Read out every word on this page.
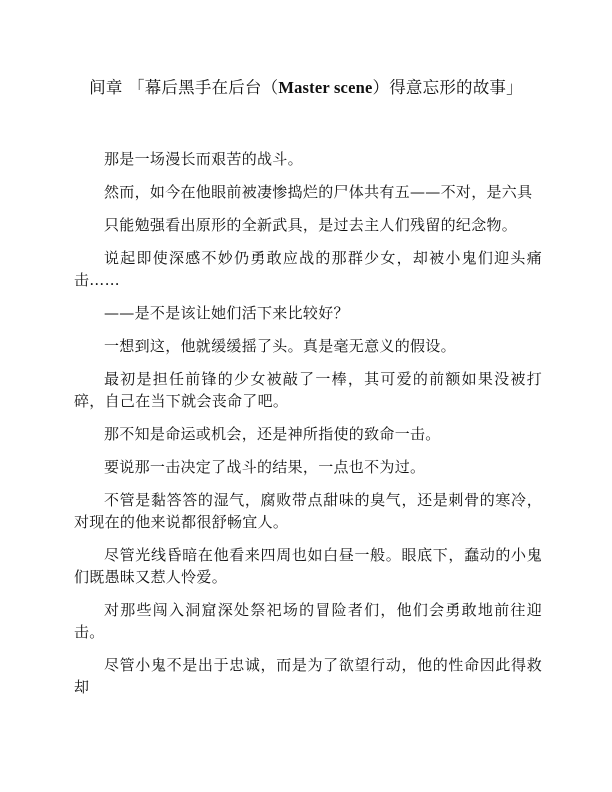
间章 「幕后黑手在后台（Master scene）得意忘形的故事」

那是一场漫长而艰苦的战斗。

然而，如今在他眼前被凄惨捣烂的尸体共有五——不对，是六具

只能勉强看出原形的全新武具，是过去主人们残留的纪念物。

说起即使深感不妙仍勇敢应战的那群少女，却被小鬼们迎头痛击……

——是不是该让她们活下来比较好？

一想到这，他就缓缓摇了头。真是毫无意义的假设。

最初是担任前锋的少女被敲了一棒，其可爱的前额如果没被打碎，自己在当下就会丧命了吧。

那不知是命运或机会，还是神所指使的致命一击。

要说那一击决定了战斗的结果，一点也不为过。

不管是黏答答的湿气，腐败带点甜味的臭气，还是刺骨的寒冷，对现在的他来说都很舒畅宜人。

尽管光线昏暗在他看来四周也如白昼一般。眼底下，蠢动的小鬼们既愚昧又惹人怜爱。

对那些闯入洞窟深处祭祀场的冒险者们，他们会勇敢地前往迎击。

尽管小鬼不是出于忠诚，而是为了欲望行动，他的性命因此得救却
